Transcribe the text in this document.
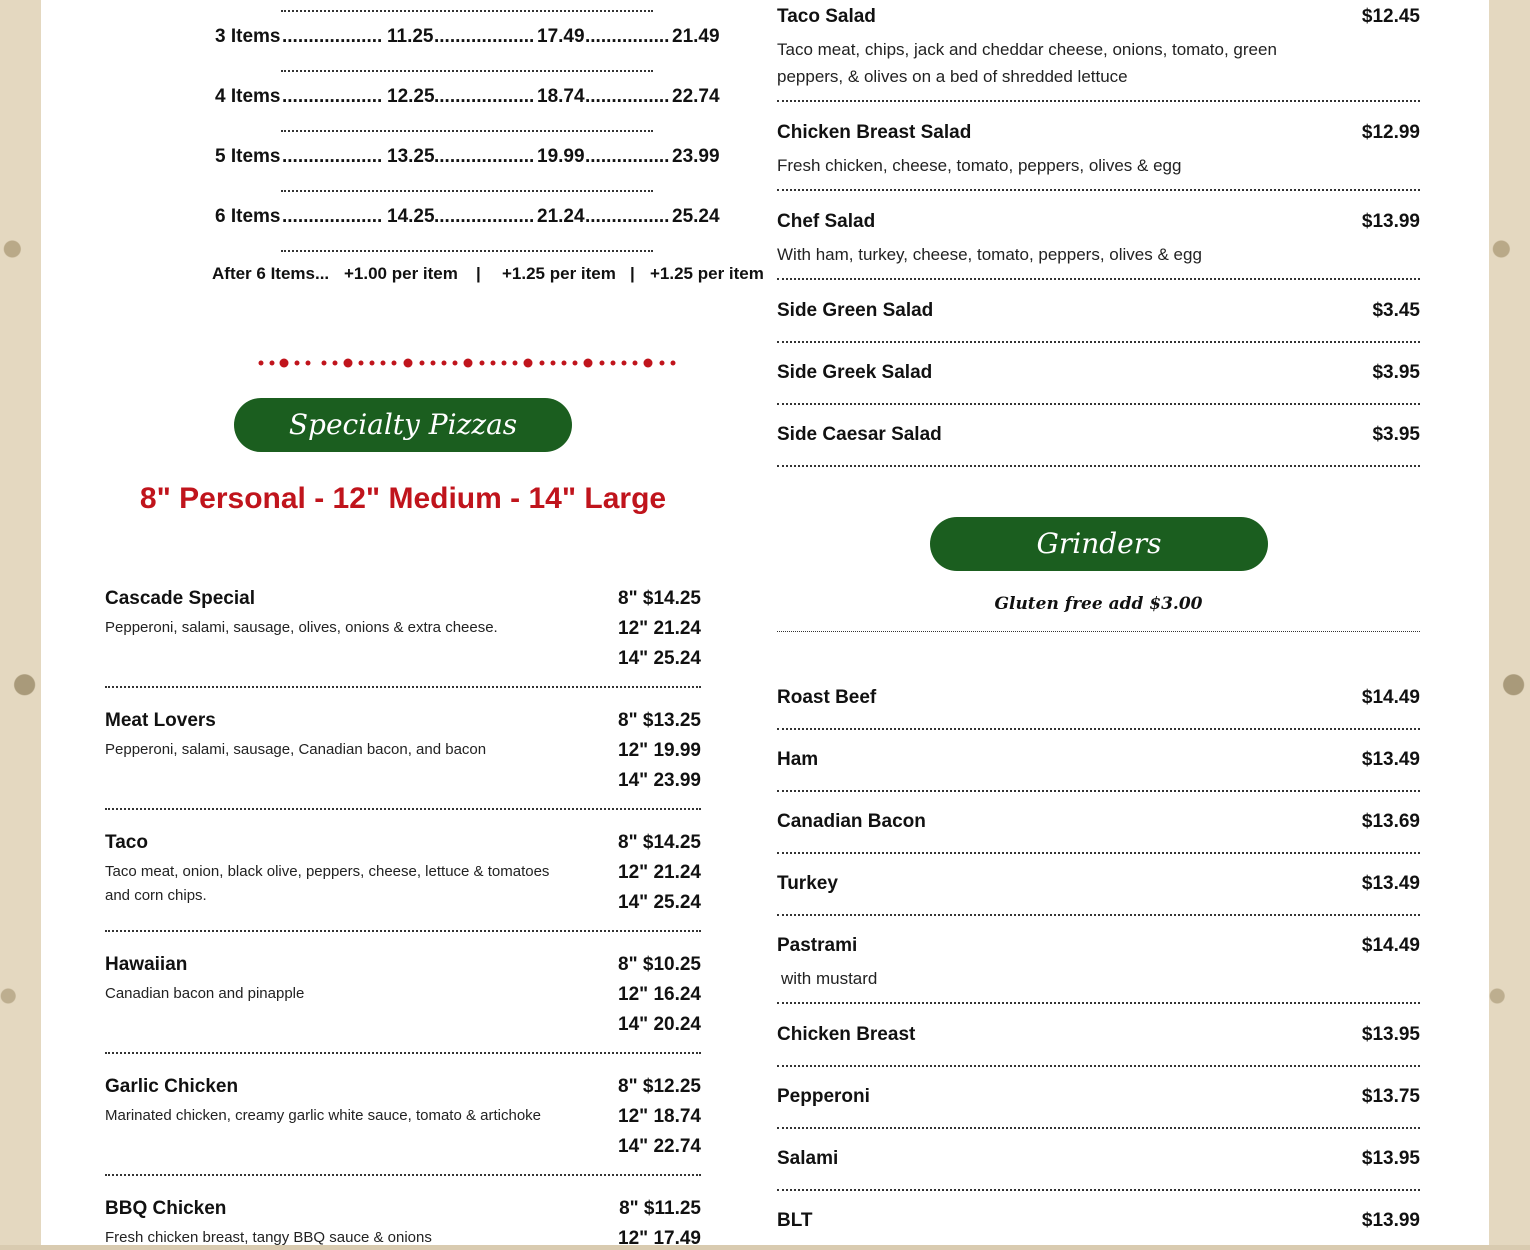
3 Items ................... 11.25 ................... 17.49 ................ 21.49
4 Items ................... 12.25 ................... 18.74 ................ 22.74
5 Items ................... 13.25 ................... 19.99 ................ 23.99
6 Items ................... 14.25 ................... 21.24 ................ 25.24
After 6 Items... +1.00 per item | +1.25 per item | +1.25 per item
Specialty Pizzas
8" Personal - 12" Medium - 14" Large
Cascade Special
Pepperoni, salami, sausage, olives, onions & extra cheese.
8" $14.25
12" 21.24
14" 25.24
Meat Lovers
Pepperoni, salami, sausage, Canadian bacon, and bacon
8" $13.25
12" 19.99
14" 23.99
Taco
Taco meat, onion, black olive, peppers, cheese, lettuce & tomatoes and corn chips.
8" $14.25
12" 21.24
14" 25.24
Hawaiian
Canadian bacon and pinapple
8" $10.25
12" 16.24
14" 20.24
Garlic Chicken
Marinated chicken, creamy garlic white sauce, tomato & artichoke
8" $12.25
12" 18.74
14" 22.74
BBQ Chicken
Fresh chicken breast, tangy BBQ sauce & onions
8" $11.25
12" 17.49
Taco Salad	$12.45
Taco meat, chips, jack and cheddar cheese, onions, tomato, green peppers, & olives on a bed of shredded lettuce
Chicken Breast Salad	$12.99
Fresh chicken, cheese, tomato, peppers, olives & egg
Chef Salad	$13.99
With ham, turkey, cheese, tomato, peppers, olives & egg
Side Green Salad	$3.45
Side Greek Salad	$3.95
Side Caesar Salad	$3.95
Grinders
Gluten free add $3.00
Roast Beef	$14.49
Ham	$13.49
Canadian Bacon	$13.69
Turkey	$13.49
Pastrami	$14.49
with mustard
Chicken Breast	$13.95
Pepperoni	$13.75
Salami	$13.95
BLT	$13.99
